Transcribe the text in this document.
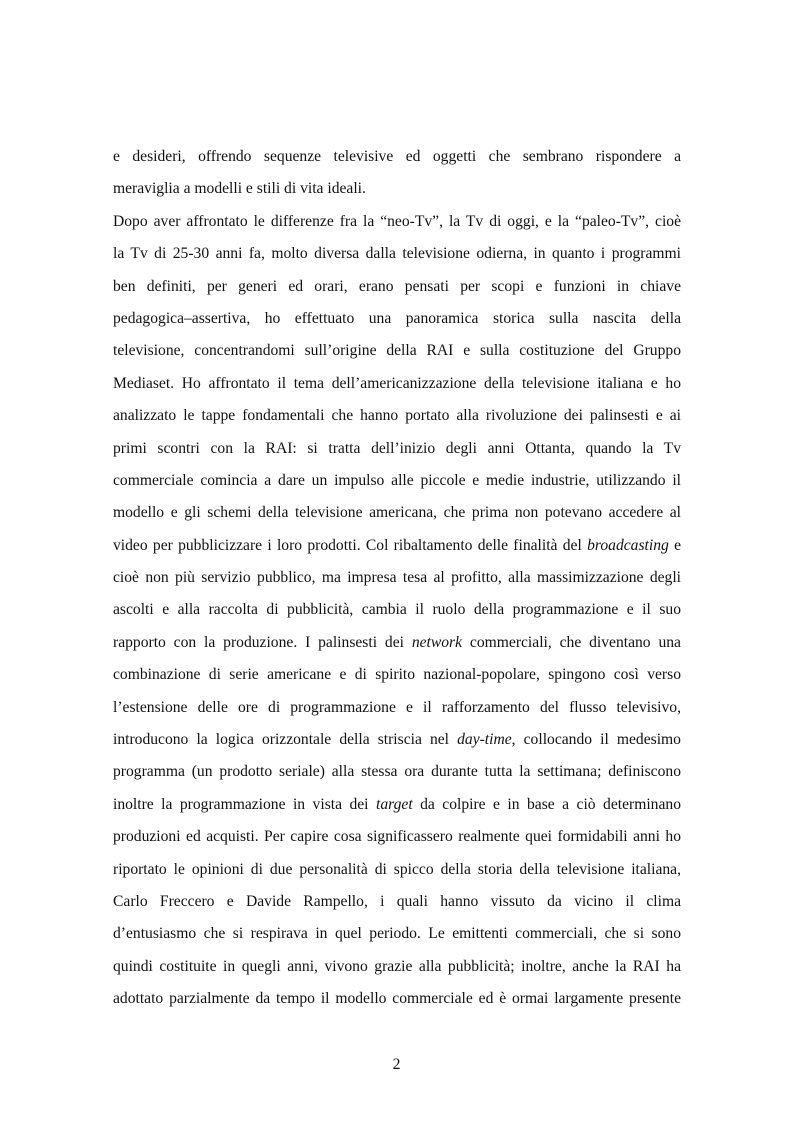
e desideri, offrendo sequenze televisive ed oggetti che sembrano rispondere a
meraviglia a modelli e stili di vita ideali.
Dopo aver affrontato le differenze fra la “neo-Tv”, la Tv di oggi, e la “paleo-Tv”, cioè
la Tv di 25-30 anni fa, molto diversa dalla televisione odierna, in quanto i programmi
ben definiti, per generi ed orari, erano pensati per scopi e funzioni in chiave
pedagogica–assertiva, ho effettuato una panoramica storica sulla nascita della
televisione, concentrandomi sull’origine della RAI e sulla costituzione del Gruppo
Mediaset. Ho affrontato il tema dell’americanizzazione della televisione italiana e ho
analizzato le tappe fondamentali che hanno portato alla rivoluzione dei palinsesti e ai
primi scontri con la RAI: si tratta dell’inizio degli anni Ottanta, quando la Tv
commerciale comincia a dare un impulso alle piccole e medie industrie, utilizzando il
modello e gli schemi della televisione americana, che prima non potevano accedere al
video per pubblicizzare i loro prodotti. Col ribaltamento delle finalità del broadcasting e
cioè non più servizio pubblico, ma impresa tesa al profitto, alla massimizzazione degli
ascolti e alla raccolta di pubblicità, cambia il ruolo della programmazione e il suo
rapporto con la produzione. I palinsesti dei network commerciali, che diventano una
combinazione di serie americane e di spirito nazional-popolare, spingono così verso
l’estensione delle ore di programmazione e il rafforzamento del flusso televisivo,
introducono la logica orizzontale della striscia nel day-time, collocando il medesimo
programma (un prodotto seriale) alla stessa ora durante tutta la settimana; definiscono
inoltre la programmazione in vista dei target da colpire e in base a ciò determinano
produzioni ed acquisti. Per capire cosa significassero realmente quei formidabili anni ho
riportato le opinioni di due personalità di spicco della storia della televisione italiana,
Carlo Freccero e Davide Rampello, i quali hanno vissuto da vicino il clima
d’entusiasmo che si respirava in quel periodo. Le emittenti commerciali, che si sono
quindi costituite in quegli anni, vivono grazie alla pubblicità; inoltre, anche la RAI ha
adottato parzialmente da tempo il modello commerciale ed è ormai largamente presente
2
